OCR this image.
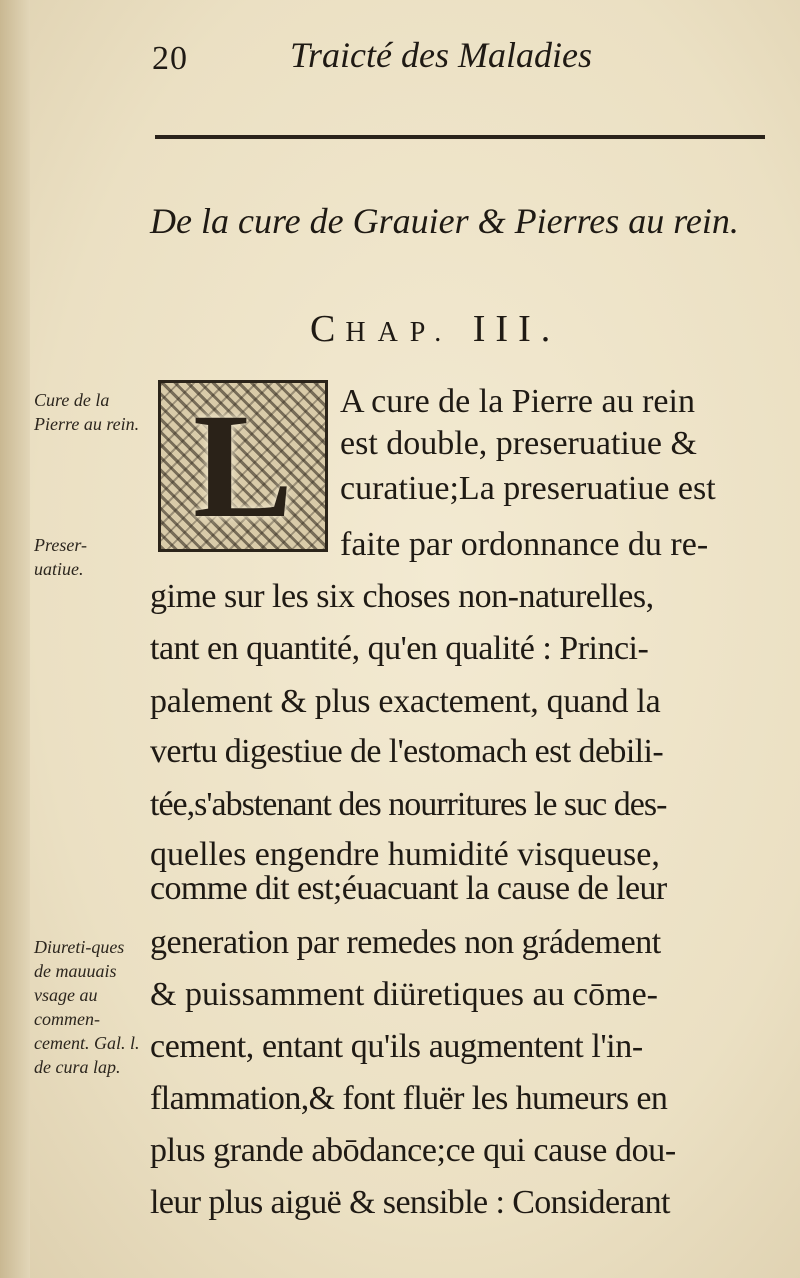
20	Traicté des Maladies
De la cure de Grauier & Pierres au rein.
CHAP. III.
L
Cure de la Pierre au rein.
Preser-uatiue.
Diureti-ques de mauuais vsage au commen-cement. Gal. l. de cura lap.
A cure de la Pierre au rein
est double, preseruatiue &
curatiue;La preseruatiue est
faite par ordonnance du re-
gime sur les six choses non-naturelles,
tant en quantité, qu'en qualité : Princi-
palement & plus exactement, quand la
vertu digestiue de l'estomach est debili-
tée,s'abstenant des nourritures le suc des-
quelles engendre humidité visqueuse,
comme dit est;éuacuant la cause de leur
generation par remedes non grádement
& puissamment diüretiques au cōme-
cement, entant qu'ils augmentent l'in-
flammation,& font fluër les humeurs en
plus grande abōdance;ce qui cause dou-
leur plus aiguë & sensible : Considerant
